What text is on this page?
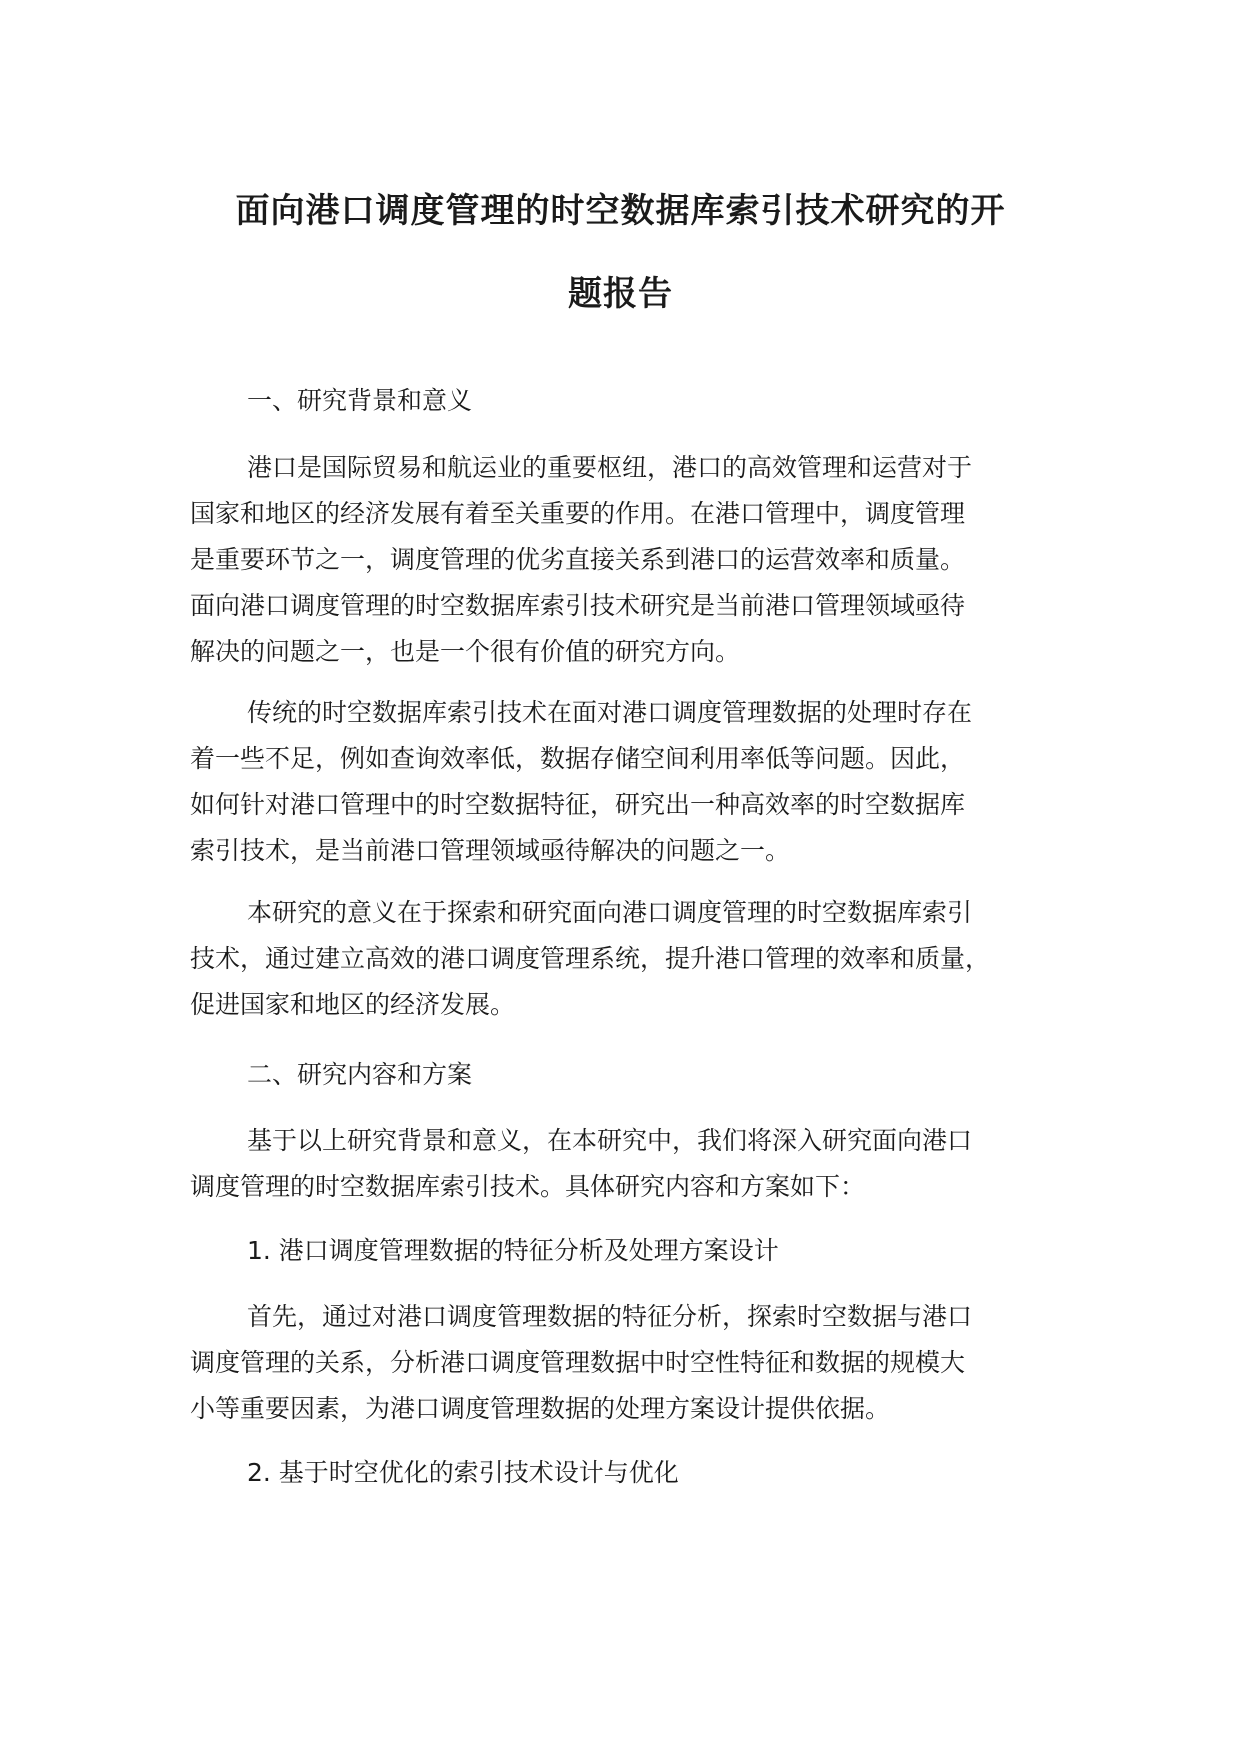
面向港口调度管理的时空数据库索引技术研究的开
题报告
一、研究背景和意义
港口是国际贸易和航运业的重要枢纽，港口的高效管理和运营对于
国家和地区的经济发展有着至关重要的作用。在港口管理中，调度管理
是重要环节之一，调度管理的优劣直接关系到港口的运营效率和质量。
面向港口调度管理的时空数据库索引技术研究是当前港口管理领域亟待
解决的问题之一，也是一个很有价值的研究方向。
传统的时空数据库索引技术在面对港口调度管理数据的处理时存在
着一些不足，例如查询效率低，数据存储空间利用率低等问题。因此，
如何针对港口管理中的时空数据特征，研究出一种高效率的时空数据库
索引技术，是当前港口管理领域亟待解决的问题之一。
本研究的意义在于探索和研究面向港口调度管理的时空数据库索引
技术，通过建立高效的港口调度管理系统，提升港口管理的效率和质量，
促进国家和地区的经济发展。
二、研究内容和方案
基于以上研究背景和意义，在本研究中，我们将深入研究面向港口
调度管理的时空数据库索引技术。具体研究内容和方案如下：
1. 港口调度管理数据的特征分析及处理方案设计
首先，通过对港口调度管理数据的特征分析，探索时空数据与港口
调度管理的关系，分析港口调度管理数据中时空性特征和数据的规模大
小等重要因素，为港口调度管理数据的处理方案设计提供依据。
2. 基于时空优化的索引技术设计与优化
